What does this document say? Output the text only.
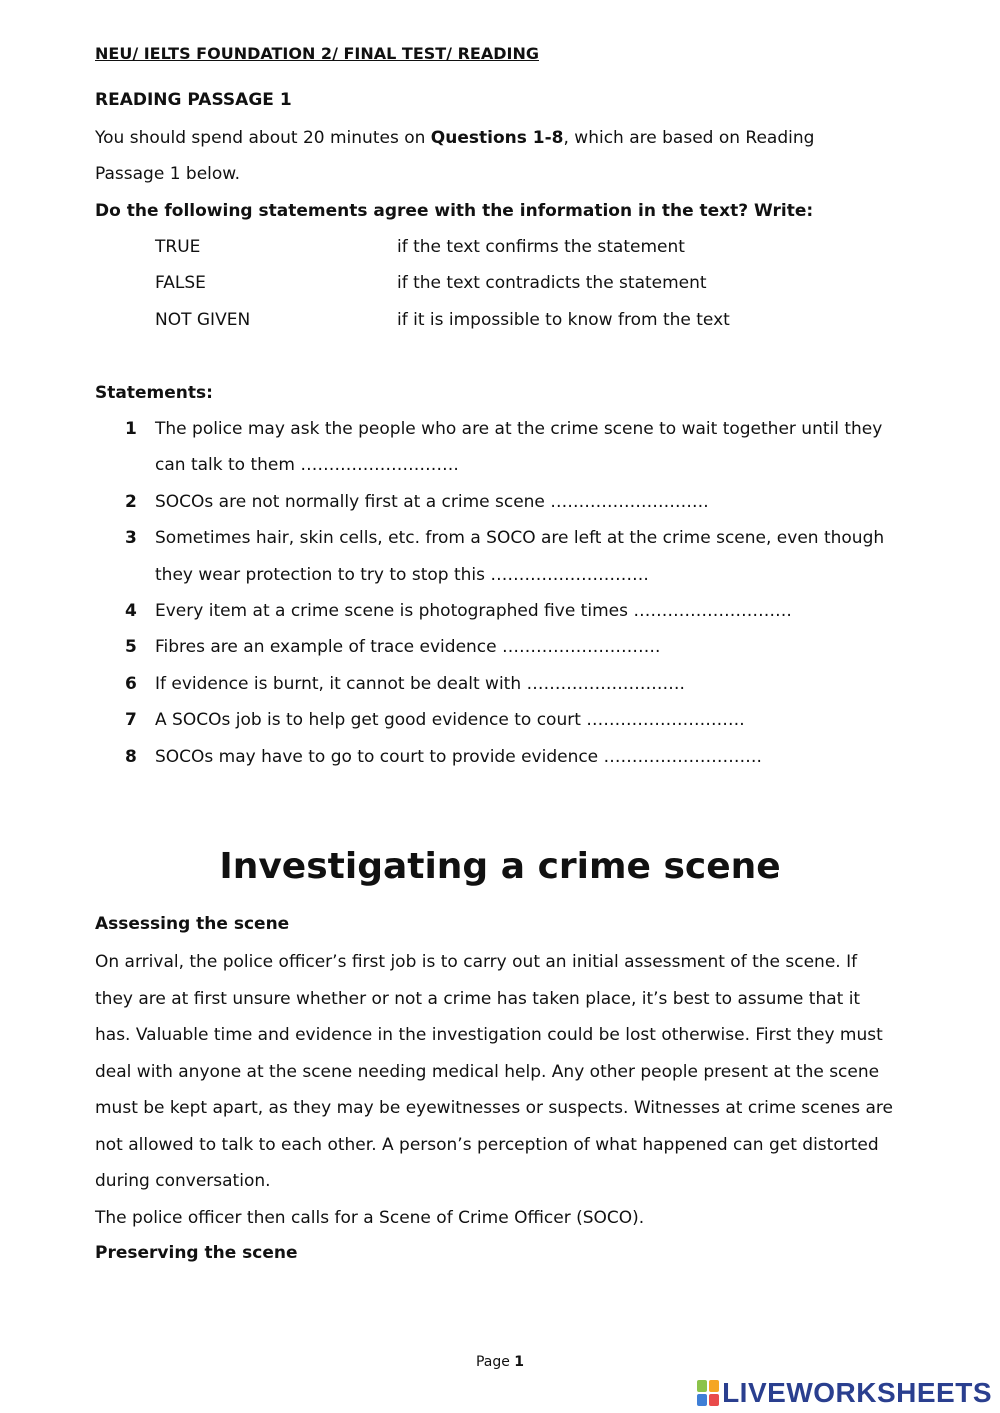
NEU/ IELTS FOUNDATION 2/ FINAL TEST/ READING
READING PASSAGE 1
You should spend about 20 minutes on Questions 1-8, which are based on Reading
Passage 1 below.
Do the following statements agree with the information in the text? Write:
TRUE	if the text confirms the statement
FALSE	if the text contradicts the statement
NOT GIVEN	if it is impossible to know from the text
Statements:
1 The police may ask the people who are at the crime scene to wait together until they
can talk to them ……………………….
2 SOCOs are not normally first at a crime scene ……………………….
3 Sometimes hair, skin cells, etc. from a SOCO are left at the crime scene, even though
they wear protection to try to stop this ……………………….
4 Every item at a crime scene is photographed five times ……………………….
5 Fibres are an example of trace evidence ……………………….
6 If evidence is burnt, it cannot be dealt with ……………………….
7 A SOCOs job is to help get good evidence to court ……………………….
8 SOCOs may have to go to court to provide evidence ……………………….
Investigating a crime scene
Assessing the scene
On arrival, the police officer’s first job is to carry out an initial assessment of the scene. If
they are at first unsure whether or not a crime has taken place, it’s best to assume that it
has. Valuable time and evidence in the investigation could be lost otherwise. First they must
deal with anyone at the scene needing medical help. Any other people present at the scene
must be kept apart, as they may be eyewitnesses or suspects. Witnesses at crime scenes are
not allowed to talk to each other. A person’s perception of what happened can get distorted
during conversation.
The police officer then calls for a Scene of Crime Officer (SOCO).
Preserving the scene
Page 1
LIVEWORKSHEETS
